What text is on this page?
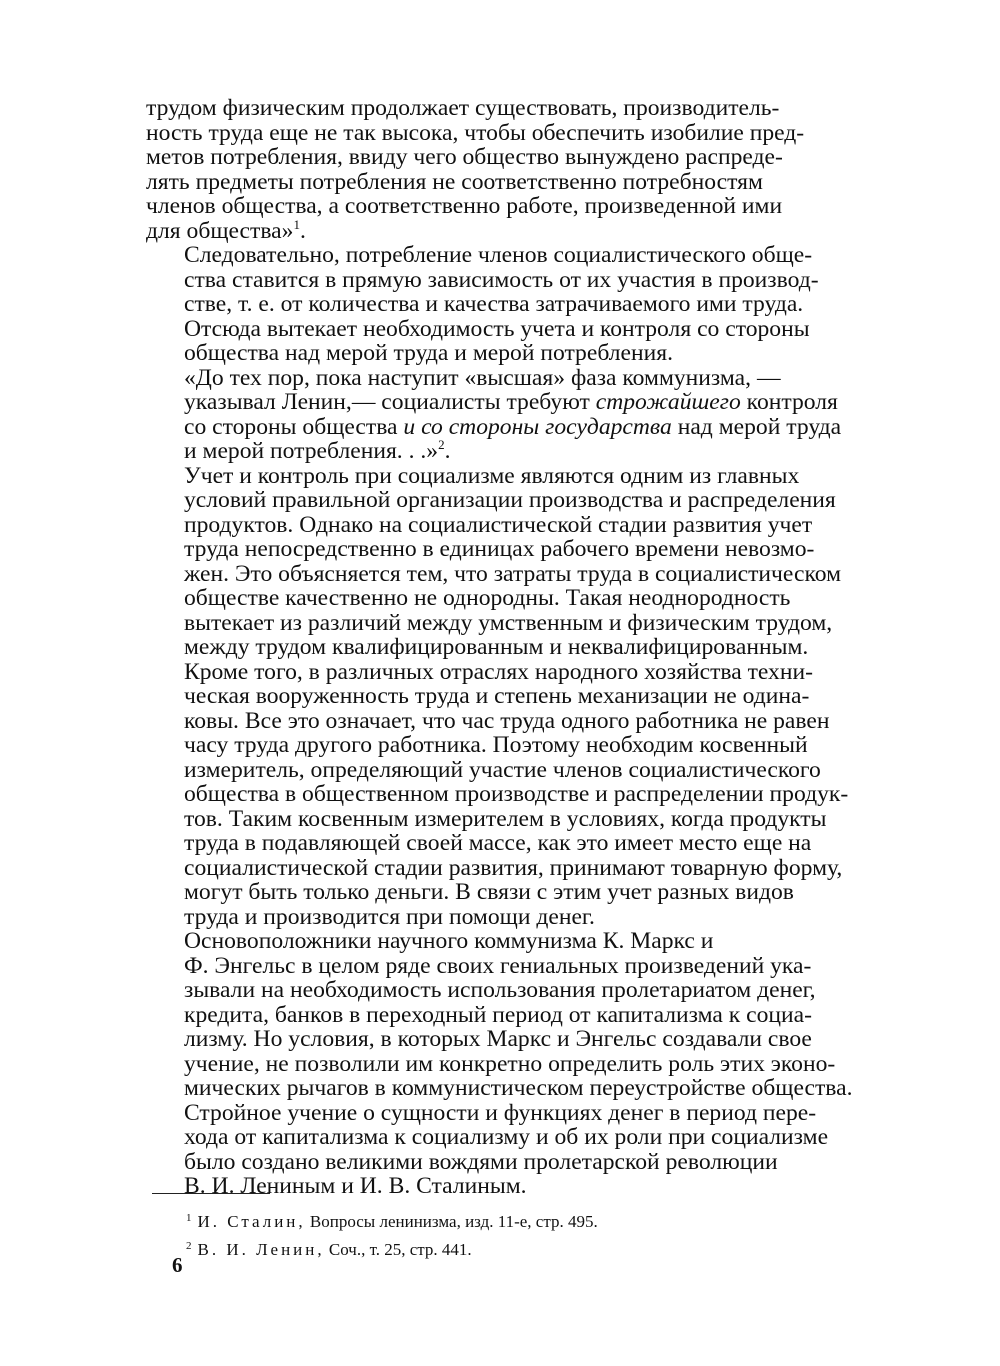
трудом физическим продолжает существовать, производитель-
ность труда еще не так высока, чтобы обеспечить изобилие пред-
метов потребления, ввиду чего общество вынуждено распреде-
лять предметы потребления не соответственно потребностям
членов общества, а соответственно работе, произведенной ими
для общества»$^1$.

Следовательно, потребление членов социалистического обще-
ства ставится в прямую зависимость от их участия в производ-
стве, т. е. от количества и качества затрачиваемого ими труда.
Отсюда вытекает необходимость учета и контроля со стороны
общества над мерой труда и мерой потребления.

«До тех пор, пока наступит «высшая» фаза коммунизма, —
указывал Ленин,— социалисты требуют строжайшего контроля
со стороны общества и со стороны государства над мерой труда
и мерой потребления. . .»$^2$.

Учет и контроль при социализме являются одним из главных
условий правильной организации производства и распределения
продуктов. Однако на социалистической стадии развития учет
труда непосредственно в единицах рабочего времени невозмо-
жен. Это объясняется тем, что затраты труда в социалистическом
обществе качественно не однородны. Такая неоднородность
вытекает из различий между умственным и физическим трудом,
между трудом квалифицированным и неквалифицированным.
Кроме того, в различных отраслях народного хозяйства техни-
ческая вооруженность труда и степень механизации не одина-
ковы. Все это означает, что час труда одного работника не равен
часу труда другого работника. Поэтому необходим косвенный
измеритель, определяющий участие членов социалистического
общества в общественном производстве и распределении продук-
тов. Таким косвенным измерителем в условиях, когда продукты
труда в подавляющей своей массе, как это имеет место еще на
социалистической стадии развития, принимают товарную форму,
могут быть только деньги. В связи с этим учет разных видов
труда и производится при помощи денег.

Основоположники научного коммунизма К. Маркс и
Ф. Энгельс в целом ряде своих гениальных произведений ука-
зывали на необходимость использования пролетариатом денег,
кредита, банков в переходный период от капитализма к социа-
лизму. Но условия, в которых Маркс и Энгельс создавали свое
учение, не позволили им конкретно определить роль этих эконо-
мических рычагов в коммунистическом переустройстве общества.

Стройное учение о сущности и функциях денег в период пере-
хода от капитализма к социализму и об их роли при социализме
было создано великими вождями пролетарской революции
В. И. Лениным и И. В. Сталиным.

$^1$ И. Сталин, Вопросы ленинизма, изд. 11-е, стр. 495.
$^2$ В. И. Ленин, Соч., т. 25, стр. 441.
6
